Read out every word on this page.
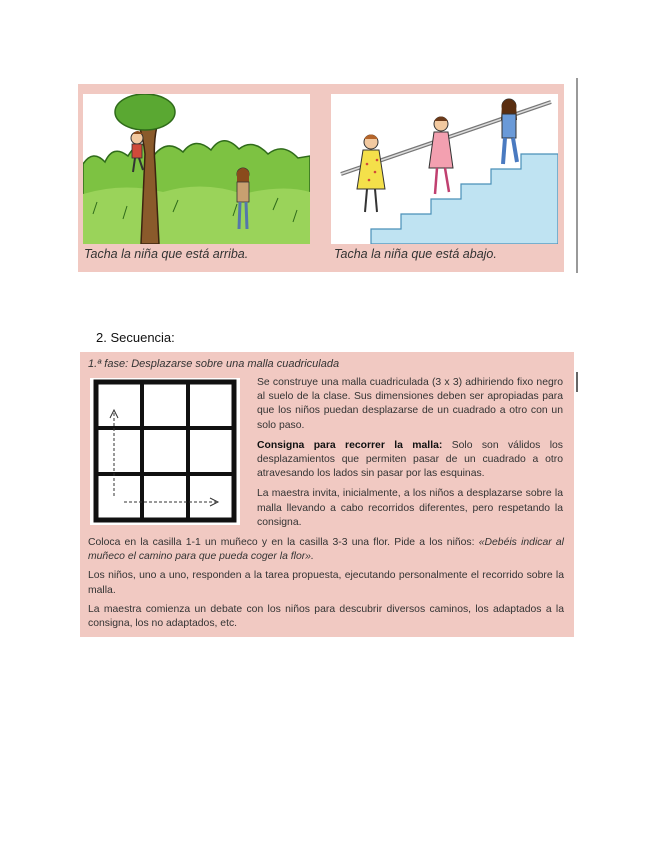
Tacha la niña que está arriba.	Tacha la niña que está abajo.
2. Secuencia:
1.ª fase: Desplazarse sobre una malla cuadriculada

Se construye una malla cuadriculada (3 x 3) adhiriendo fixo negro al suelo de la clase. Sus dimensiones deben ser apropiadas para que los niños puedan desplazarse de un cuadrado a otro con un solo paso.

Consigna para recorrer la malla: Solo son válidos los desplazamientos que permiten pasar de un cuadrado a otro atravesando los lados sin pasar por las esquinas.

La maestra invita, inicialmente, a los niños a desplazarse sobre la malla llevando a cabo recorridos diferentes, pero respetando la consigna.

Coloca en la casilla 1-1 un muñeco y en la casilla 3-3 una flor. Pide a los niños: «Debéis indicar al muñeco el camino para que pueda coger la flor».

Los niños, uno a uno, responden a la tarea propuesta, ejecutando personalmente el recorrido sobre la malla.

La maestra comienza un debate con los niños para descubrir diversos caminos, los adaptados a la consigna, los no adaptados, etc.
